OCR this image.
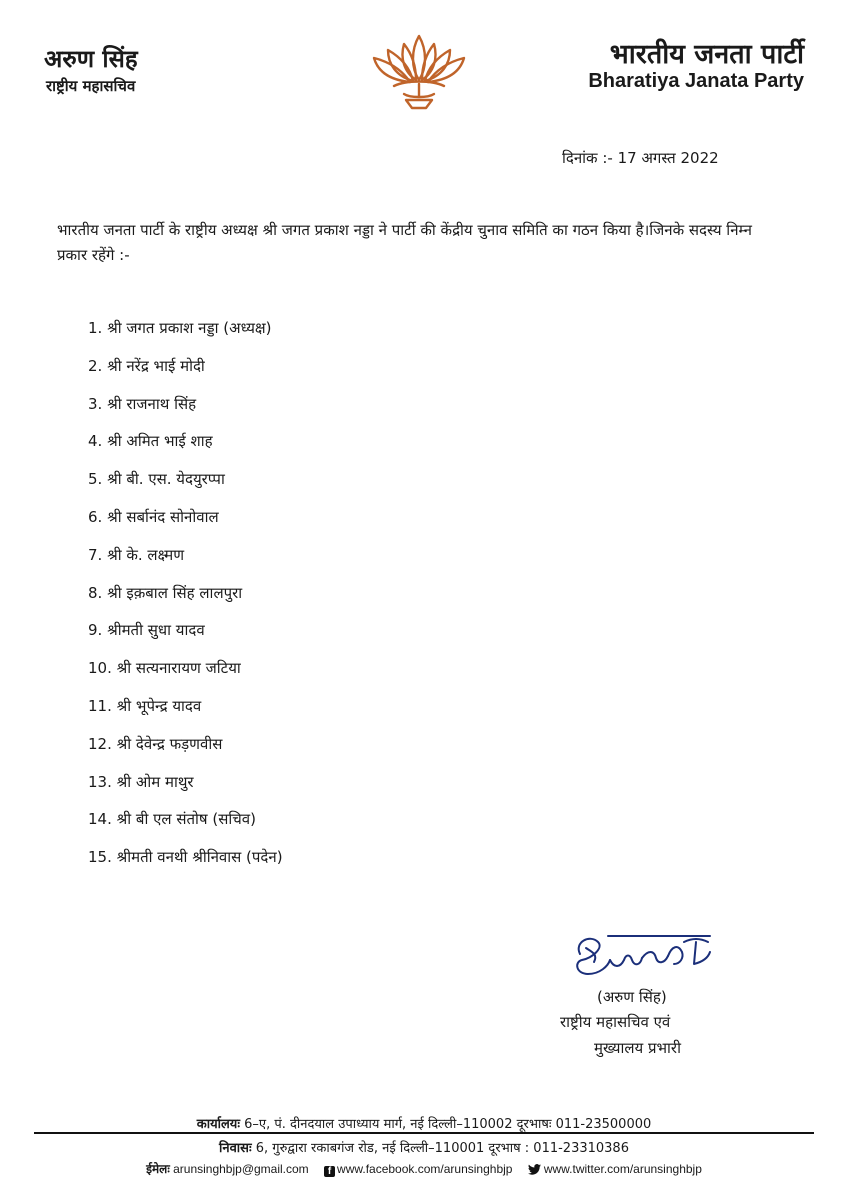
अरुण सिंह
राष्ट्रीय महासचिव
भारतीय जनता पार्टी
Bharatiya Janata Party
दिनांक :- 17 अगस्त 2022
भारतीय जनता पार्टी के राष्ट्रीय अध्यक्ष श्री जगत प्रकाश नड्डा ने पार्टी की केंद्रीय चुनाव समिति का गठन किया है।जिनके सदस्य निम्न प्रकार रहेंगे :-
1. श्री जगत प्रकाश नड्डा (अध्यक्ष)
2. श्री नरेंद्र भाई मोदी
3. श्री राजनाथ सिंह
4. श्री अमित भाई शाह
5. श्री बी. एस. येदयुरप्पा
6. श्री सर्बानंद सोनोवाल
7. श्री के. लक्ष्मण
8. श्री इक़बाल सिंह लालपुरा
9. श्रीमती सुधा यादव
10. श्री सत्यनारायण जटिया
11. श्री भूपेन्द्र यादव
12. श्री देवेन्द्र फड़णवीस
13. श्री ओम माथुर
14. श्री बी एल संतोष (सचिव)
15. श्रीमती वनथी श्रीनिवास (पदेन)
(अरुण सिंह)
राष्ट्रीय महासचिव एवं
मुख्यालय प्रभारी
कार्यालयः 6–ए, पं. दीनदयाल उपाध्याय मार्ग, नई दिल्ली–110002 दूरभाषः 011-23500000
निवासः 6, गुरुद्वारा रकाबगंज रोड, नई दिल्ली–110001 दूरभाष : 011-23310386
ईमेलः arunsinghbjp@gmail.com f www.facebook.com/arunsinghbjp	www.twitter.com/arunsinghbjp
